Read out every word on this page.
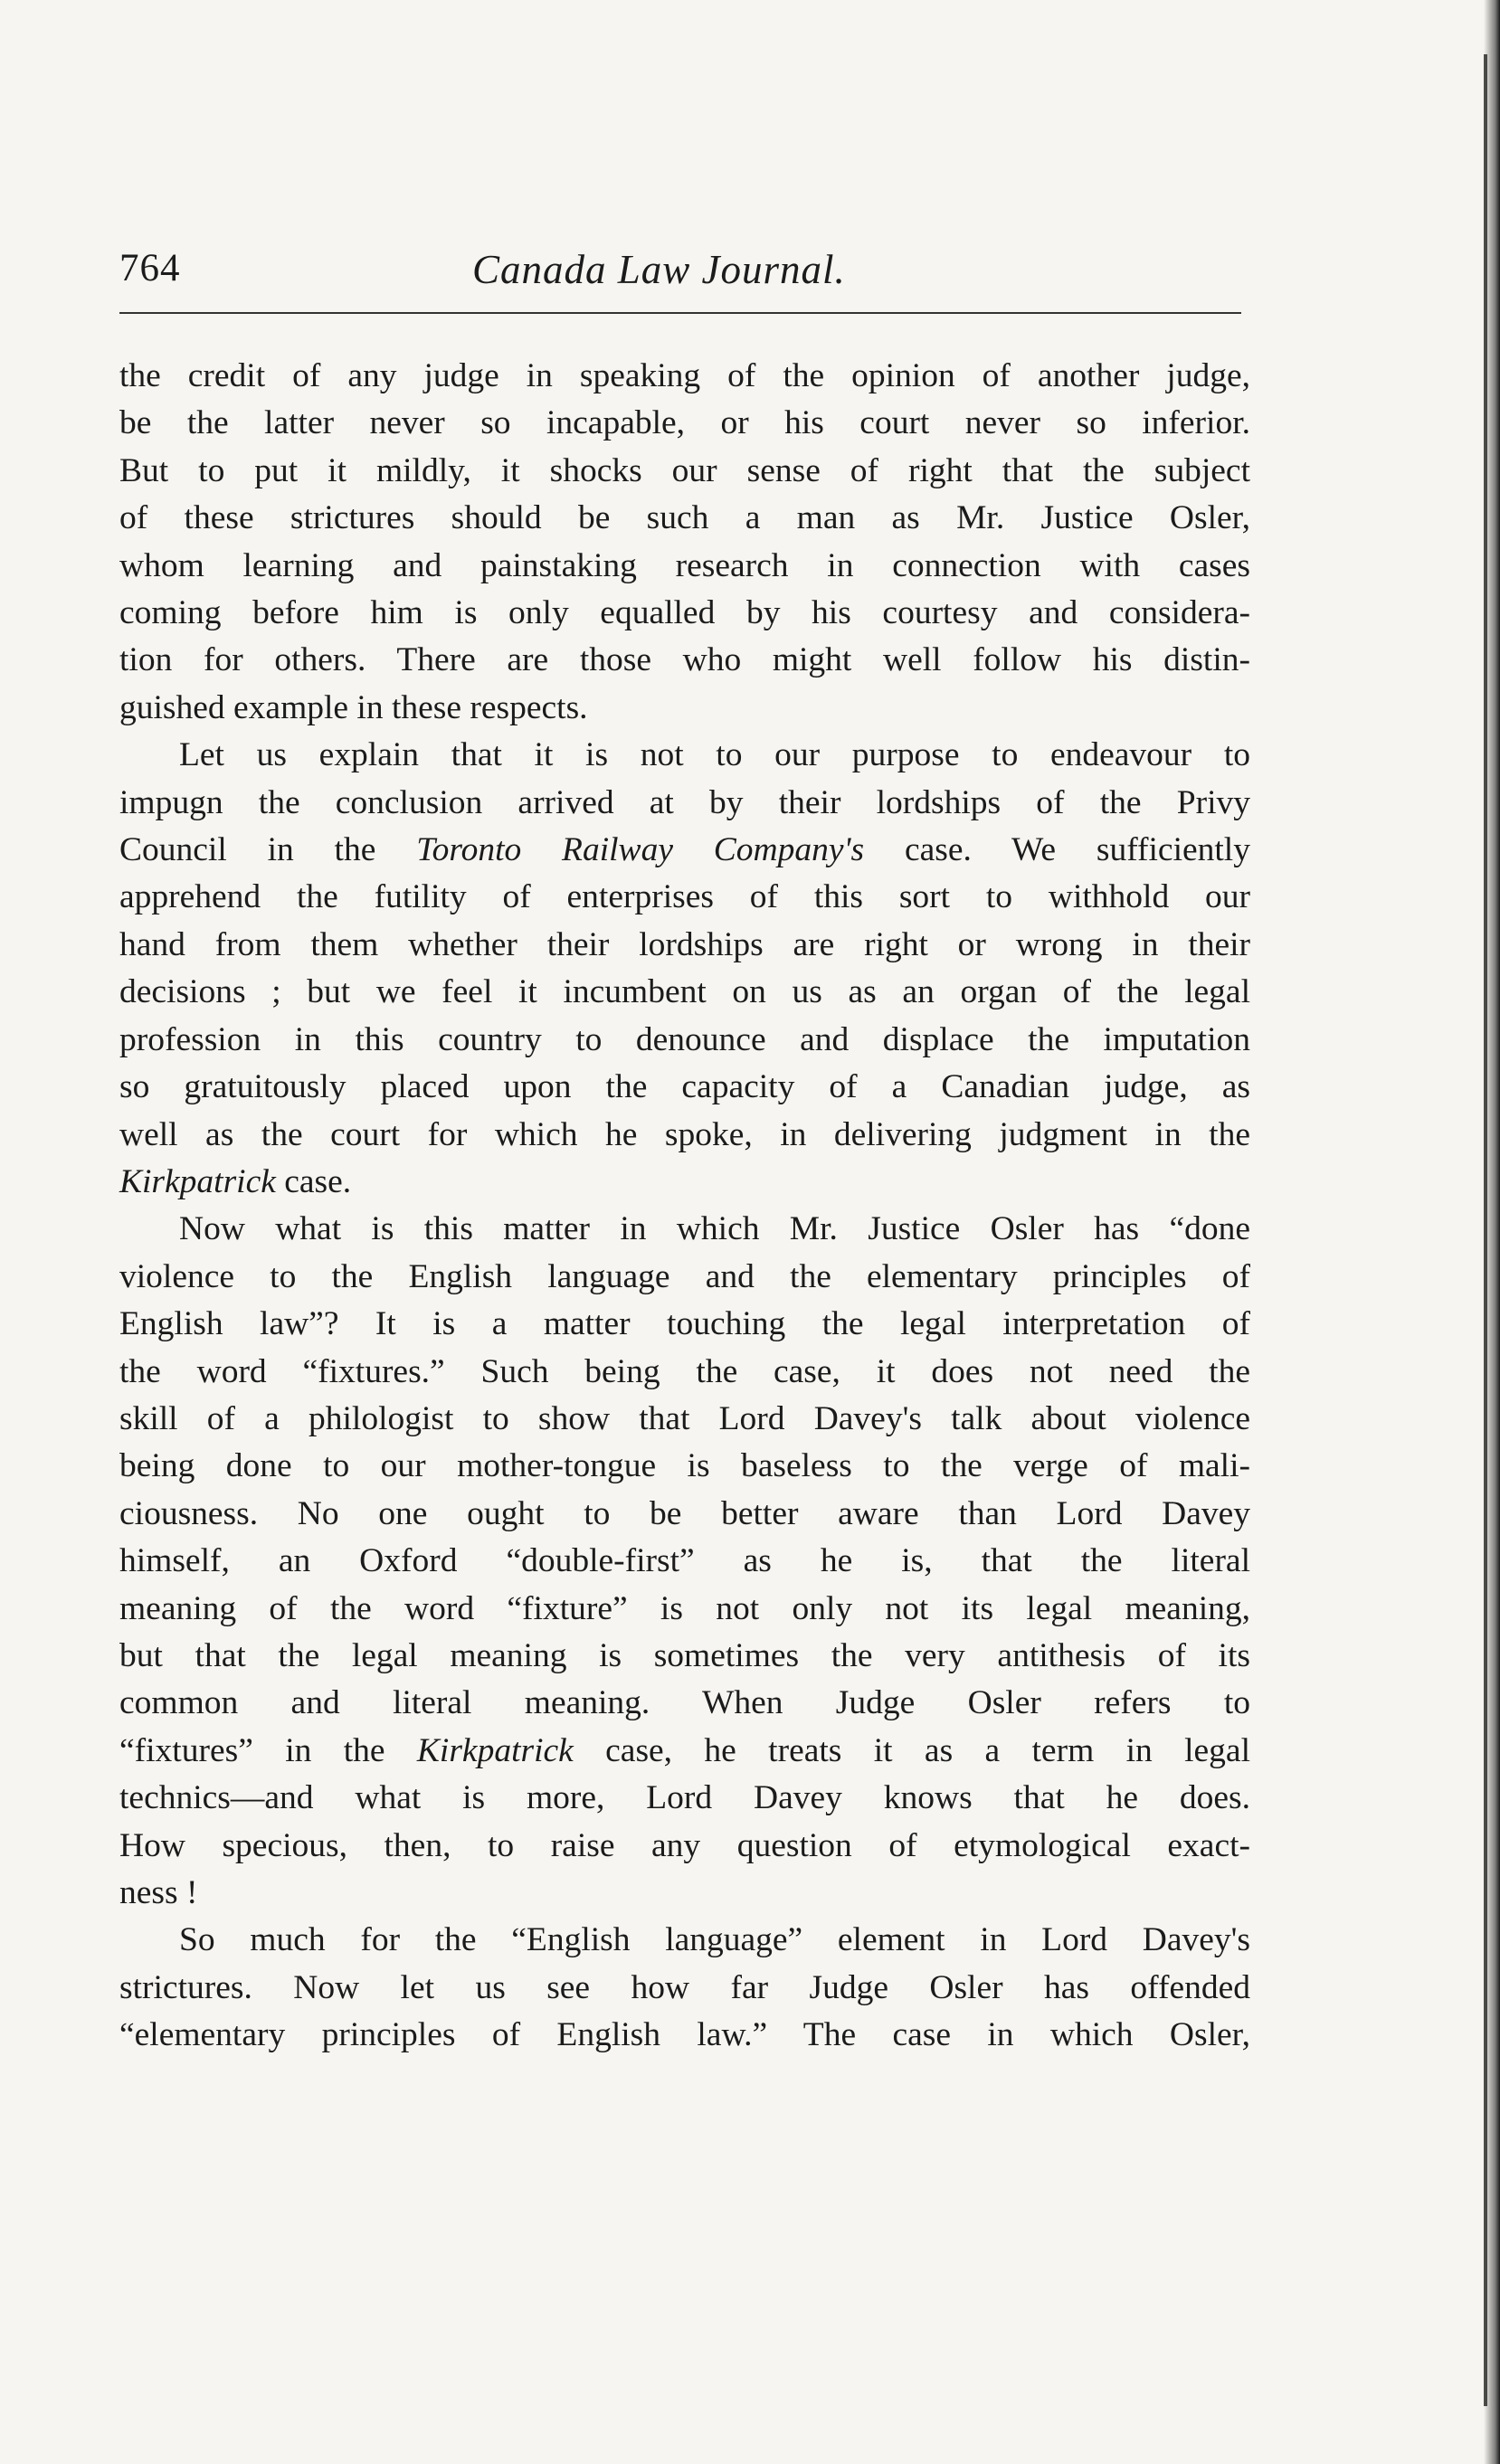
764	Canada Law Journal.
the credit of any judge in speaking of the opinion of another judge,
be the latter never so incapable, or his court never so inferior.
But to put it mildly, it shocks our sense of right that the subject
of these strictures should be such a man as Mr. Justice Osler,
whom learning and painstaking research in connection with cases
coming before him is only equalled by his courtesy and considera-
tion for others. There are those who might well follow his distin-
guished example in these respects.
Let us explain that it is not to our purpose to endeavour to
impugn the conclusion arrived at by their lordships of the Privy
Council in the Toronto Railway Company's case. We sufficiently
apprehend the futility of enterprises of this sort to withhold our
hand from them whether their lordships are right or wrong in their
decisions ; but we feel it incumbent on us as an organ of the legal
profession in this country to denounce and displace the imputation
so gratuitously placed upon the capacity of a Canadian judge, as
well as the court for which he spoke, in delivering judgment in the
Kirkpatrick case.
Now what is this matter in which Mr. Justice Osler has “done
violence to the English language and the elementary principles of
English law”? It is a matter touching the legal interpretation of
the word “fixtures.” Such being the case, it does not need the
skill of a philologist to show that Lord Davey's talk about violence
being done to our mother-tongue is baseless to the verge of mali-
ciousness. No one ought to be better aware than Lord Davey
himself, an Oxford “double-first” as he is, that the literal
meaning of the word “fixture” is not only not its legal meaning,
but that the legal meaning is sometimes the very antithesis of its
common and literal meaning. When Judge Osler refers to
“fixtures” in the Kirkpatrick case, he treats it as a term in legal
technics—and what is more, Lord Davey knows that he does.
How specious, then, to raise any question of etymological exact-
ness !
So much for the “English language” element in Lord Davey's
strictures. Now let us see how far Judge Osler has offended
“elementary principles of English law.” The case in which Osler,
